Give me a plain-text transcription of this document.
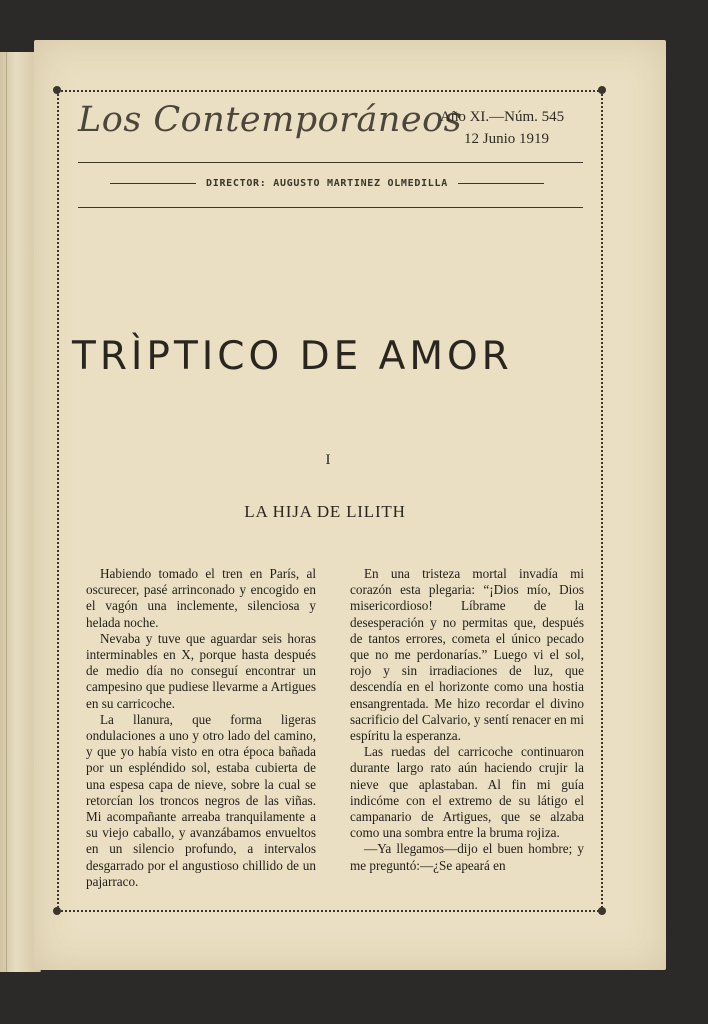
Los Contemporáneos
Año XI.—Núm. 545
12 Junio 1919
DIRECTOR: AUGUSTO MARTINEZ OLMEDILLA
TRÌPTICO DE AMOR
I
LA HIJA DE LILITH

Habiendo tomado el tren en París, al oscurecer, pasé arrinconado y encogido en el vagón una inclemente, silenciosa y helada noche.

Nevaba y tuve que aguardar seis horas interminables en X, porque hasta después de medio día no conseguí encontrar un campesino que pudiese llevarme a Artigues en su carricoche.

La llanura, que forma ligeras ondulaciones a uno y otro lado del camino, y que yo había visto en otra época bañada por un espléndido sol, estaba cubierta de una espesa capa de nieve, sobre la cual se retorcían los troncos negros de las viñas. Mi acompañante arreaba tranquilamente a su viejo caballo, y avanzábamos envueltos en un silencio profundo, a intervalos desgarrado por el angustioso chillido de un pajarraco.

En una tristeza mortal invadía mi corazón esta plegaria: “¡Dios mío, Dios misericordioso! Líbrame de la desesperación y no permitas que, después de tantos errores, cometa el único pecado que no me perdonarías.” Luego vi el sol, rojo y sin irradiaciones de luz, que descendía en el horizonte como una hostia ensangrentada. Me hizo recordar el divino sacrificio del Calvario, y sentí renacer en mi espíritu la esperanza.

Las ruedas del carricoche continuaron durante largo rato aún haciendo crujir la nieve que aplastaban. Al fin mi guía indicóme con el extremo de su látigo el campanario de Artigues, que se alzaba como una sombra entre la bruma rojiza.

—Ya llegamos—dijo el buen hombre; y me preguntó:—¿Se apeará en
